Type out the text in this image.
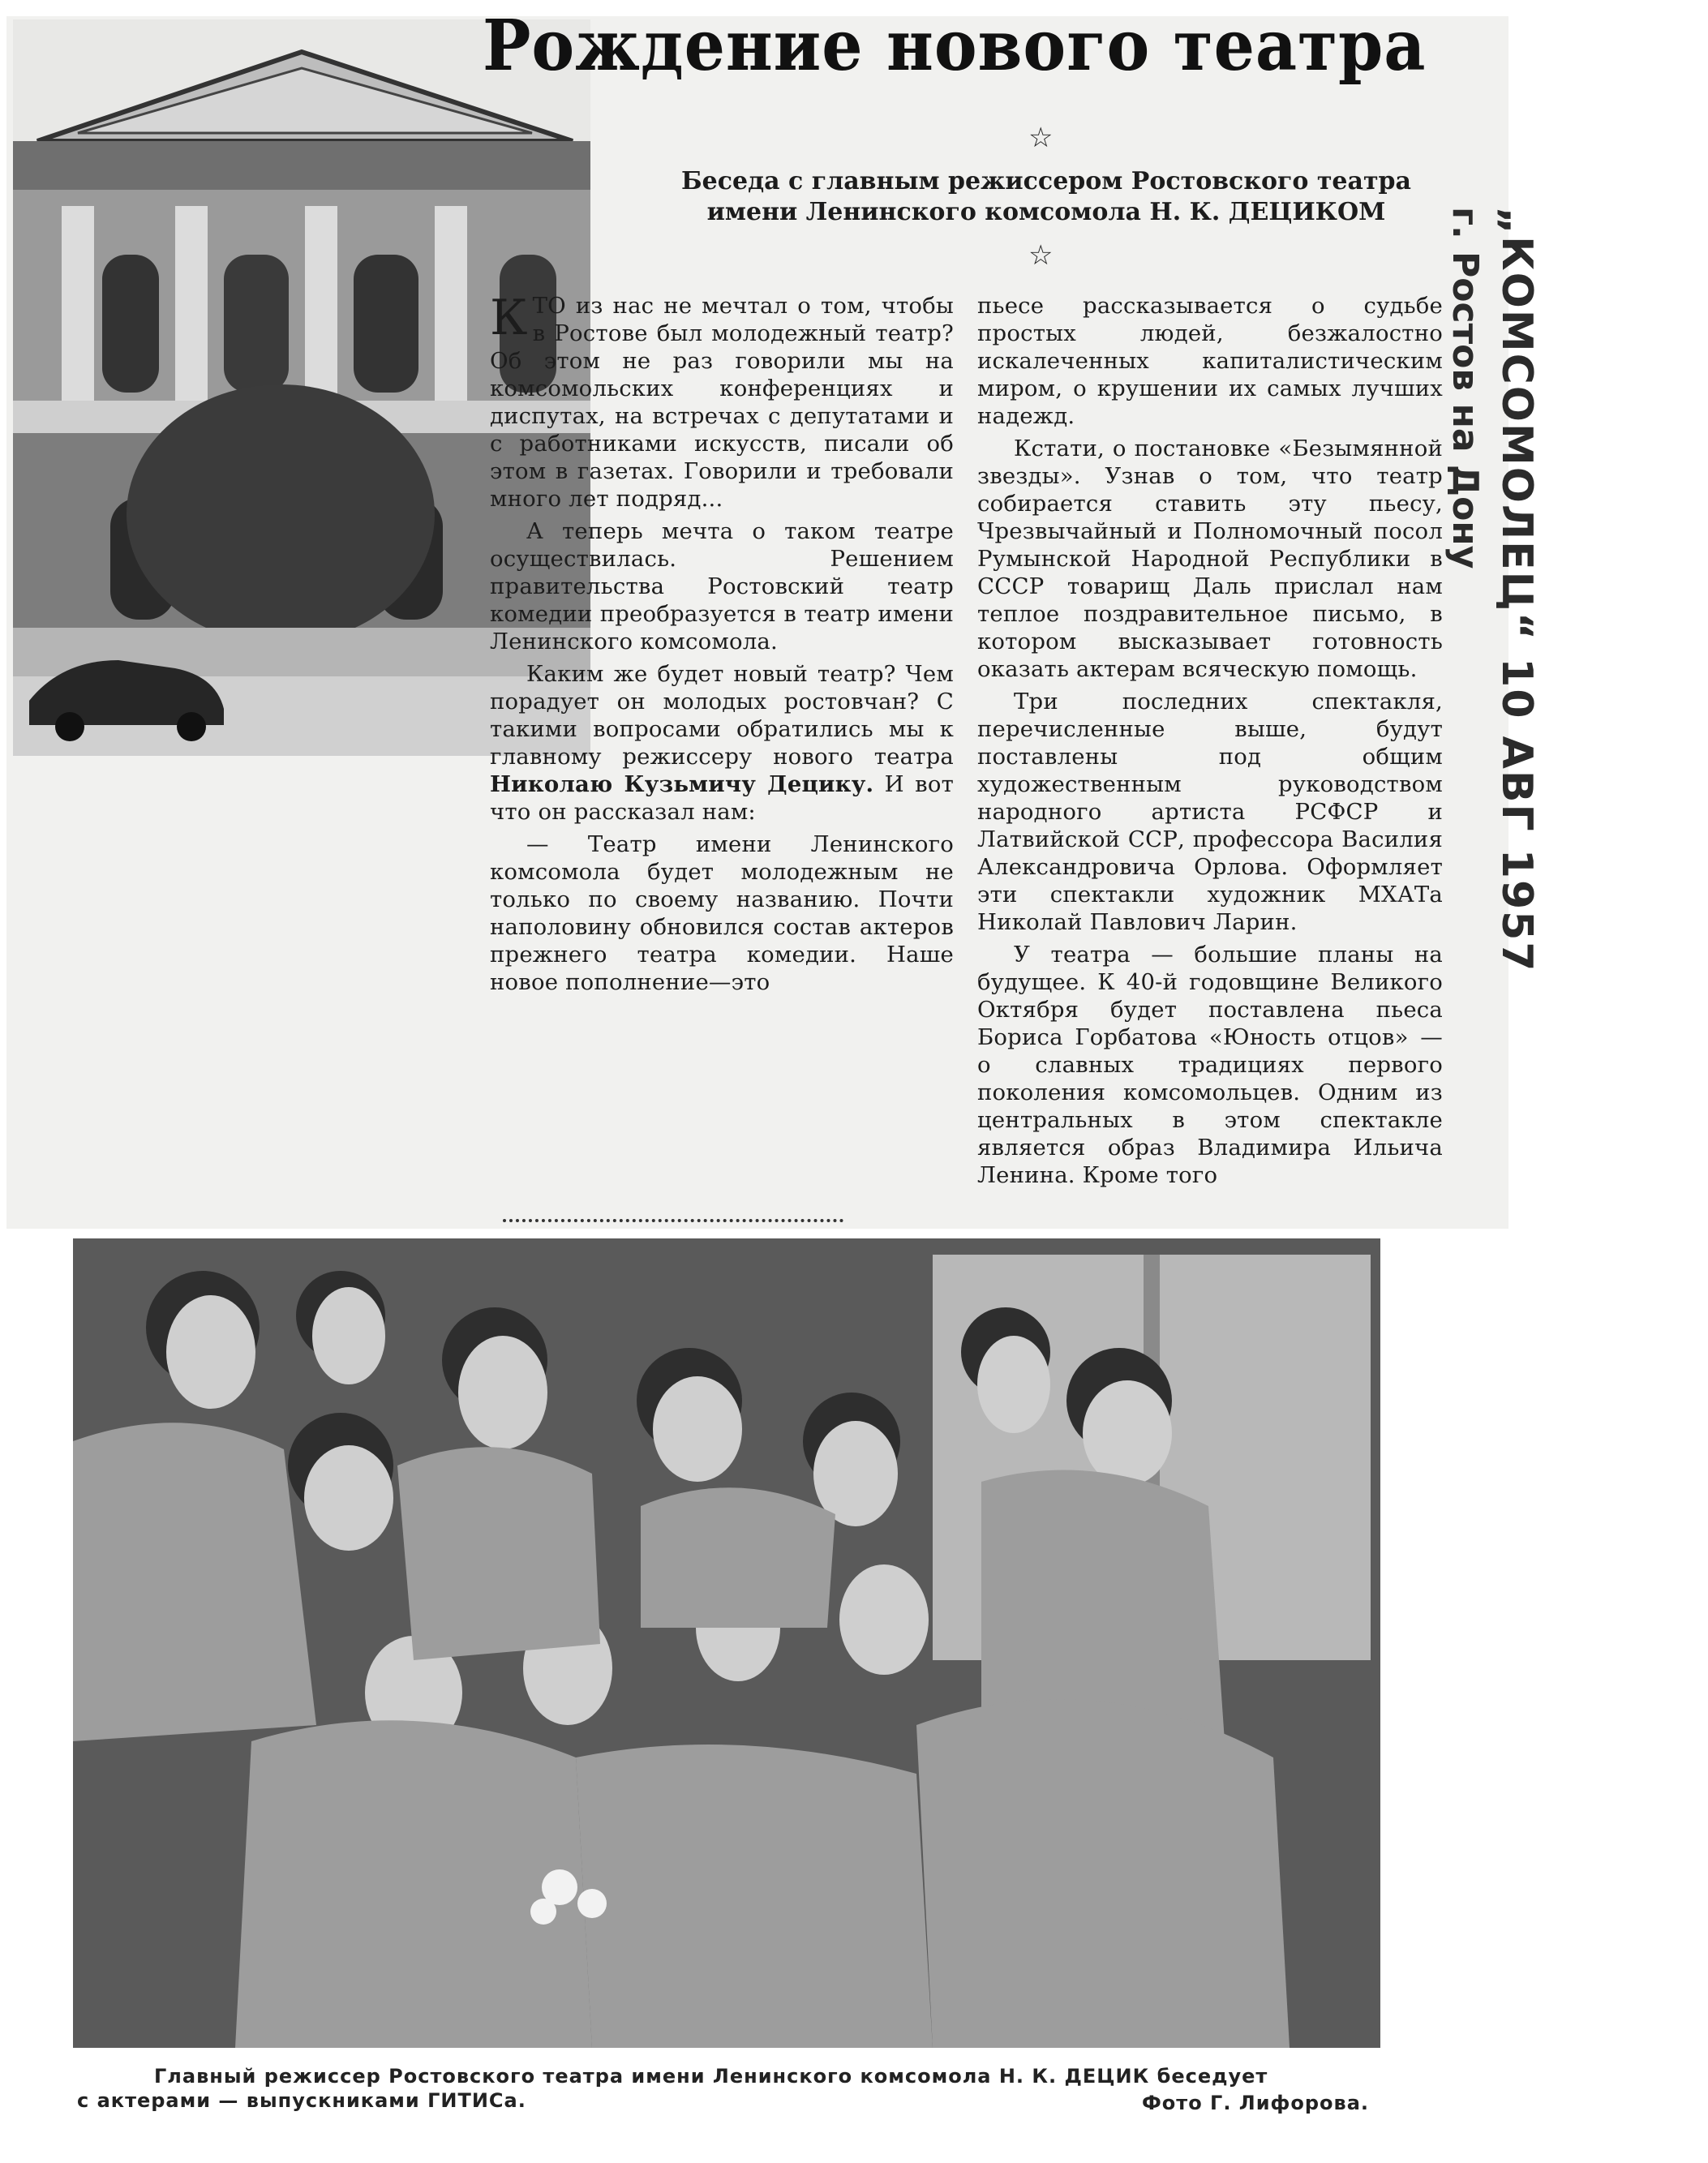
Рождение нового театра
☆
Беседа с главным режиссером Ростовского театра
имени Ленинского комсомола Н. К. ДЕЦИКОМ
☆

КТО из нас не мечтал о том, чтобы в Ростове был молодежный театр? Об этом не раз говорили мы на комсомольских конференциях и диспутах, на встречах с депутатами и с работниками искусств, писали об этом в газетах. Говорили и требовали много лет подряд...

А теперь мечта о таком театре осуществилась. Решением правительства Ростовский театр комедии преобразуется в театр имени Ленинского комсомола.

Каким же будет новый театр? Чем порадует он молодых ростовчан? С такими вопросами обратились мы к главному режиссеру нового театра Николаю Кузьмичу Децику. И вот что он рассказал нам:

— Театр имени Ленинского комсомола будет молодежным не только по своему названию. Почти наполовину обновился состав актеров прежнего театра комедии. Наше новое пополнение—это

пьесе рассказывается о судьбе простых людей, безжалостно искалеченных капиталистическим миром, о крушении их самых лучших надежд.

Кстати, о постановке «Безымянной звезды». Узнав о том, что театр собирается ставить эту пьесу, Чрезвычайный и Полномочный посол Румынской Народной Республики в СССР товарищ Даль прислал нам теплое поздравительное письмо, в котором высказывает готовность оказать актерам всяческую помощь.

Три последних спектакля, перечисленные выше, будут поставлены под общим художественным руководством народного артиста РСФСР и Латвийской ССР, профессора Василия Александровича Орлова. Оформляет эти спектакли художник МХАТа Николай Павлович Ларин.

У театра — большие планы на будущее. К 40-й годовщине Великого Октября будет поставлена пьеса Бориса Горбатова «Юность отцов» — о славных традициях первого поколения комсомольцев. Одним из центральных в этом спектакле является образ Владимира Ильича Ленина. Кроме того

„КОМСОМОЛЕЦ“ 10 АВГ 1957
г. Ростов на Дону
Главный режиссер Ростовского театра имени Ленинского комсомола Н. К. ДЕЦИК беседует
с актерами — выпускниками ГИТИСа.	Фото Г. Лифорова.
